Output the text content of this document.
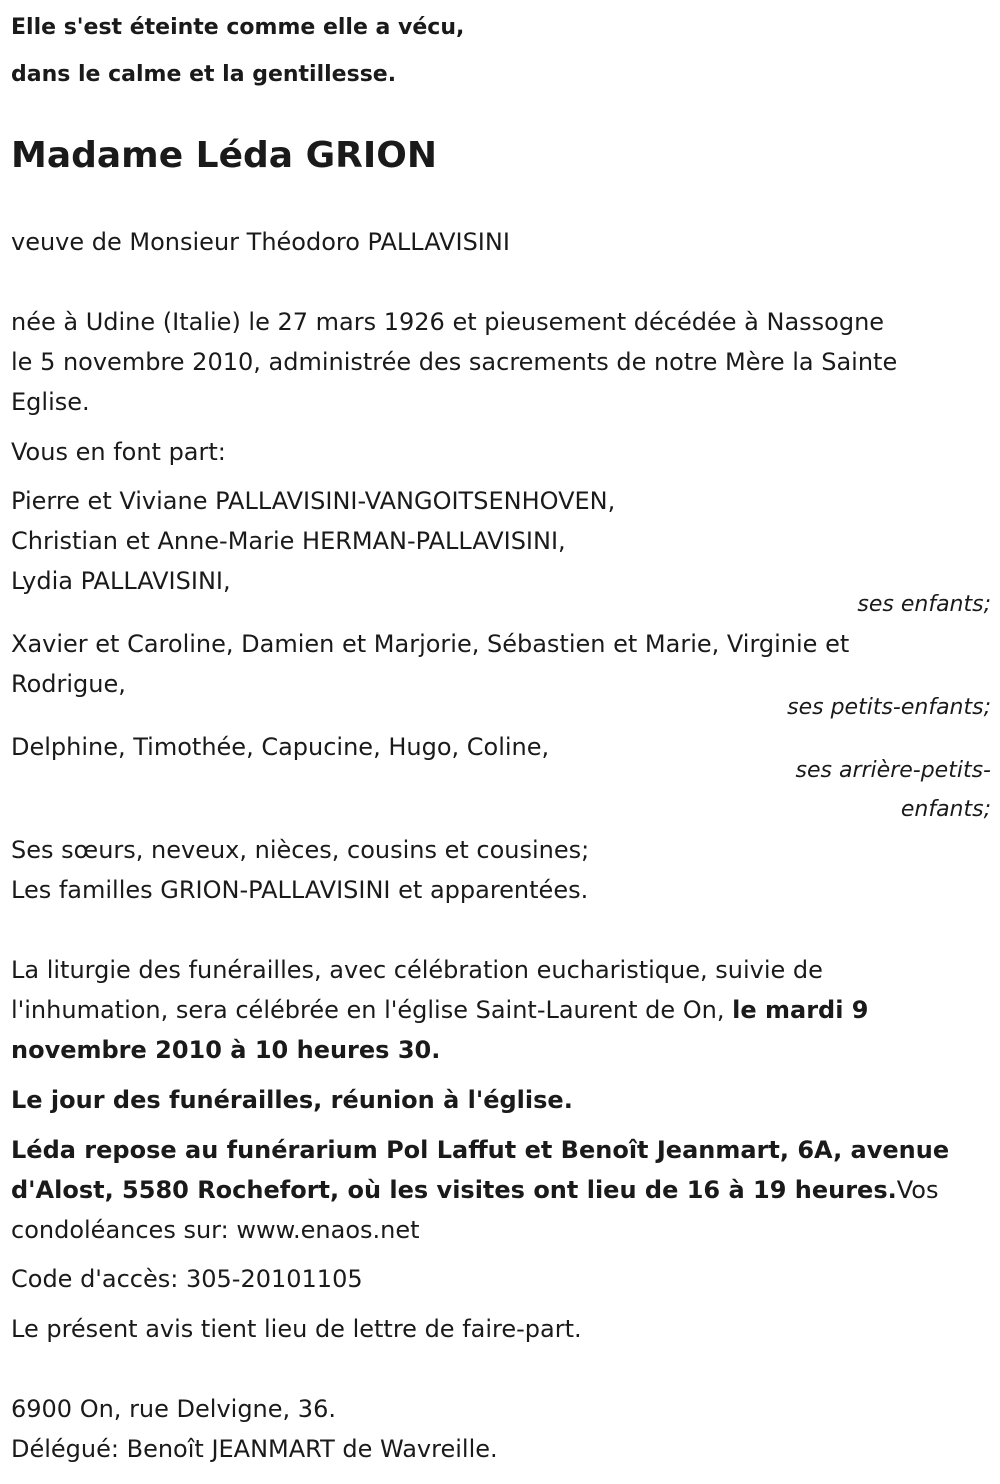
Elle s'est éteinte comme elle a vécu,
dans le calme et la gentillesse.
Madame Léda GRION
veuve de Monsieur Théodoro PALLAVISINI
née à Udine (Italie) le 27 mars 1926 et pieusement décédée à Nassogne
le 5 novembre 2010, administrée des sacrements de notre Mère la Sainte
Eglise.
Vous en font part:
Pierre et Viviane PALLAVISINI-VANGOITSENHOVEN,
Christian et Anne-Marie HERMAN-PALLAVISINI,
Lydia PALLAVISINI,
ses enfants;
Xavier et Caroline, Damien et Marjorie, Sébastien et Marie, Virginie et
Rodrigue,
ses petits-enfants;
Delphine, Timothée, Capucine, Hugo, Coline,
ses arrière-petits-
enfants;
Ses sœurs, neveux, nièces, cousins et cousines;
Les familles GRION-PALLAVISINI et apparentées.
La liturgie des funérailles, avec célébration eucharistique, suivie de
l'inhumation, sera célébrée en l'église Saint-Laurent de On, le mardi 9
novembre 2010 à 10 heures 30.
Le jour des funérailles, réunion à l'église.
Léda repose au funérarium Pol Laffut et Benoît Jeanmart, 6A, avenue
d'Alost, 5580 Rochefort, où les visites ont lieu de 16 à 19 heures.Vos
condoléances sur: www.enaos.net
Code d'accès: 305-20101105
Le présent avis tient lieu de lettre de faire-part.
6900 On, rue Delvigne, 36.
Délégué: Benoît JEANMART de Wavreille.
